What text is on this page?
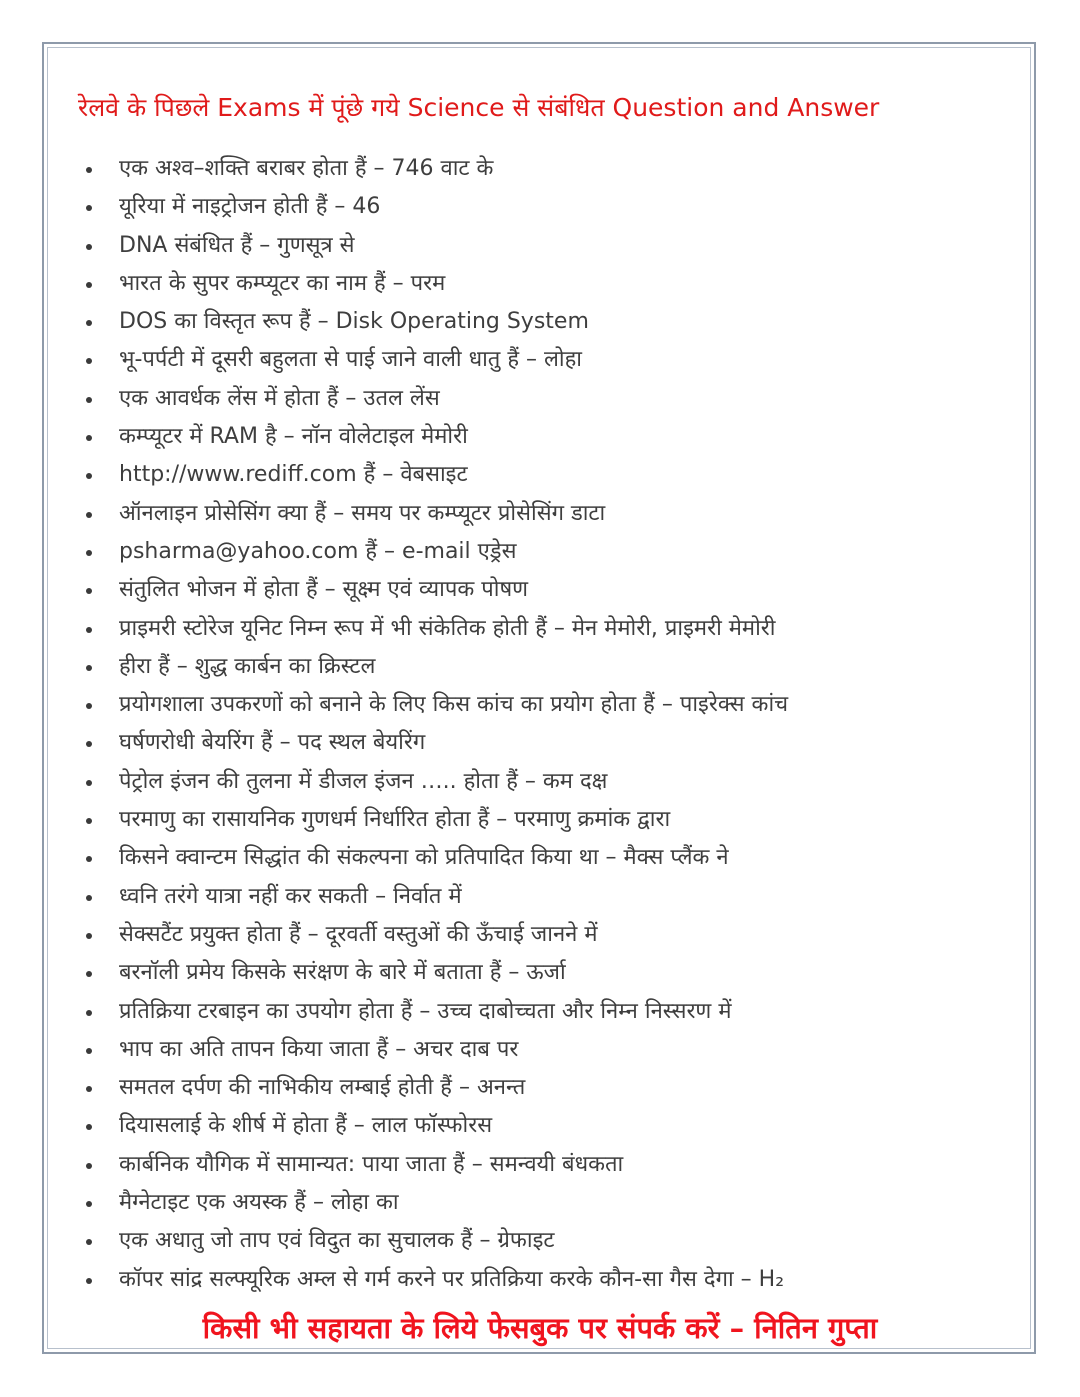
रेलवे के पिछले Exams में पूंछे गये Science से संबंधित Question and Answer
एक अश्व–शक्ति बराबर होता हैं – 746 वाट के
यूरिया में नाइट्रोजन होती हैं – 46
DNA संबंधित हैं – गुणसूत्र से
भारत के सुपर कम्प्यूटर का नाम हैं – परम
DOS का विस्तृत रूप हैं – Disk Operating System
भू-पर्पटी में दूसरी बहुलता से पाई जाने वाली धातु हैं – लोहा
एक आवर्धक लेंस में होता हैं – उतल लेंस
कम्प्यूटर में RAM है – नॉन वोलेटाइल मेमोरी
http://www.rediff.com हैं – वेबसाइट
ऑनलाइन प्रोसेसिंग क्या हैं – समय पर कम्प्यूटर प्रोसेसिंग डाटा
psharma@yahoo.com हैं – e-mail एड्रेस
संतुलित भोजन में होता हैं – सूक्ष्म एवं व्यापक पोषण
प्राइमरी स्टोरेज यूनिट निम्न रूप में भी संकेतिक होती हैं – मेन मेमोरी, प्राइमरी मेमोरी
हीरा हैं – शुद्ध कार्बन का क्रिस्टल
प्रयोगशाला उपकरणों को बनाने के लिए किस कांच का प्रयोग होता हैं – पाइरेक्स कांच
घर्षणरोधी बेयरिंग हैं – पद स्थल बेयरिंग
पेट्रोल इंजन की तुलना में डीजल इंजन ….. होता हैं – कम दक्ष
परमाणु का रासायनिक गुणधर्म निर्धारित होता हैं – परमाणु क्रमांक द्वारा
किसने क्वान्टम सिद्धांत की संकल्पना को प्रतिपादित किया था – मैक्स प्लैंक ने
ध्वनि तरंगे यात्रा नहीं कर सकती – निर्वात में
सेक्सटैंट प्रयुक्त होता हैं – दूरवर्ती वस्तुओं की ऊँचाई जानने में
बरनॉली प्रमेय किसके सरंक्षण के बारे में बताता हैं – ऊर्जा
प्रतिक्रिया टरबाइन का उपयोग होता हैं – उच्च दाबोच्चता और निम्न निस्सरण में
भाप का अति तापन किया जाता हैं – अचर दाब पर
समतल दर्पण की नाभिकीय लम्बाई होती हैं – अनन्त
दियासलाई के शीर्ष में होता हैं – लाल फॉस्फोरस
कार्बनिक यौगिक में सामान्यत: पाया जाता हैं – समन्वयी बंधकता
मैग्नेटाइट एक अयस्क हैं – लोहा का
एक अधातु जो ताप एवं विदुत का सुचालक हैं – ग्रेफाइट
कॉपर सांद्र सल्फ्यूरिक अम्ल से गर्म करने पर प्रतिक्रिया करके कौन-सा गैस देगा – H₂

किसी भी सहायता के लिये फेसबुक पर संपर्क करें – नितिन गुप्ता
